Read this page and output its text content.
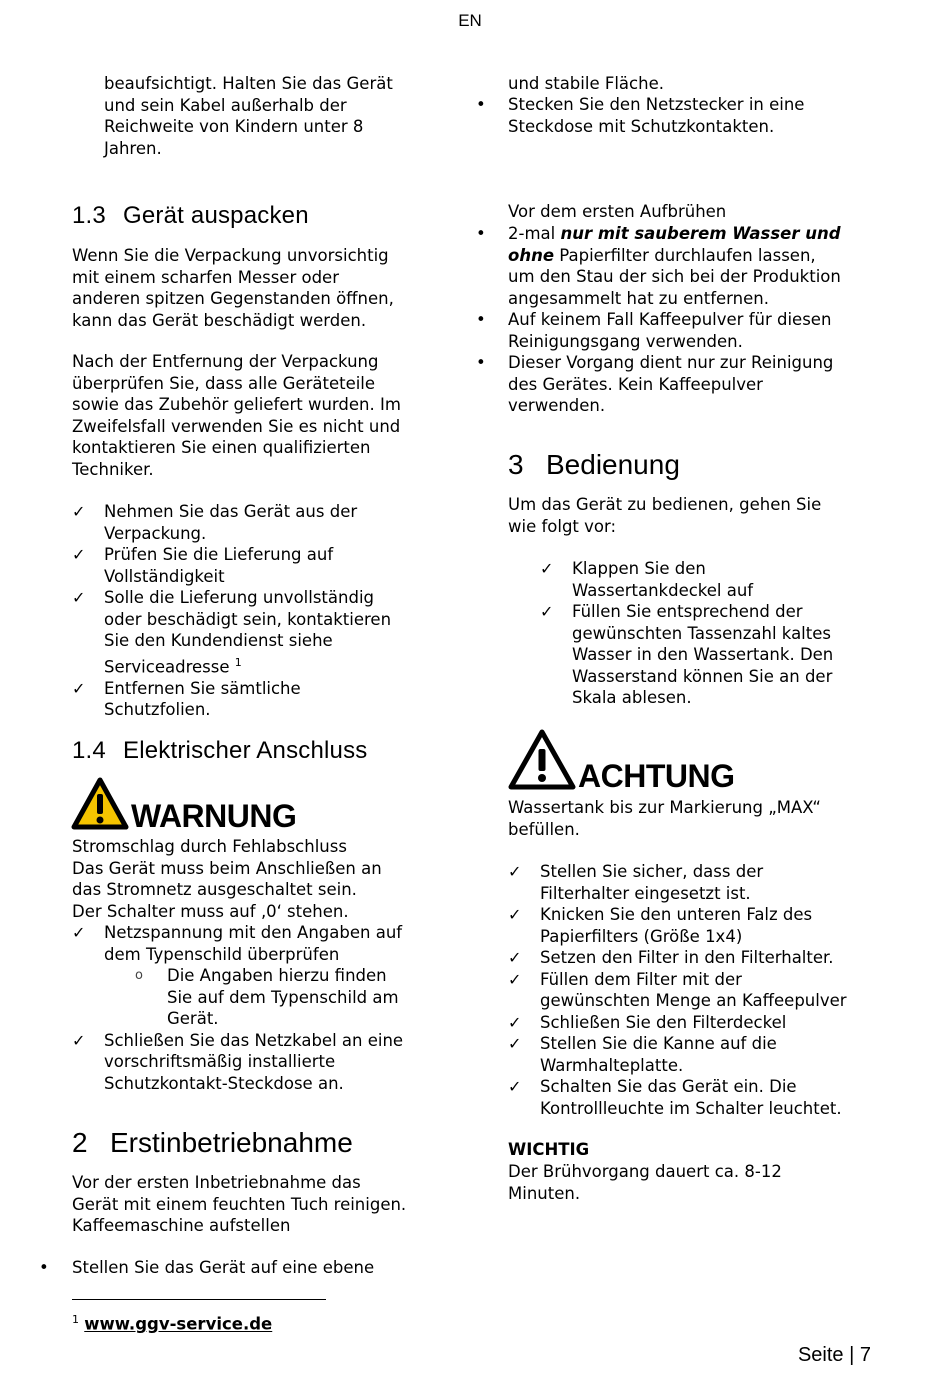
EN
beaufsichtigt. Halten Sie das Gerät
und sein Kabel außerhalb der
Reichweite von Kindern unter 8
Jahren.
1.3 Gerät auspacken
Wenn Sie die Verpackung unvorsichtig
mit einem scharfen Messer oder
anderen spitzen Gegenstanden öffnen,
kann das Gerät beschädigt werden.
Nach der Entfernung der Verpackung
überprüfen Sie, dass alle Geräteteile
sowie das Zubehör geliefert wurden. Im
Zweifelsfall verwenden Sie es nicht und
kontaktieren Sie einen qualifizierten
Techniker.
✓ Nehmen Sie das Gerät aus der
Verpackung.
✓ Prüfen Sie die Lieferung auf
Vollständigkeit
✓ Solle die Lieferung unvollständig
oder beschädigt sein, kontaktieren
Sie den Kundendienst siehe
Serviceadresse $^1$
✓ Entfernen Sie sämtliche
Schutzfolien.
1.4 Elektrischer Anschluss
WARNUNG
Stromschlag durch Fehlabschluss
Das Gerät muss beim Anschließen an
das Stromnetz ausgeschaltet sein.
Der Schalter muss auf ‚0‘ stehen.
✓ Netzspannung mit den Angaben auf
dem Typenschild überprüfen
o Die Angaben hierzu finden
Sie auf dem Typenschild am
Gerät.
✓ Schließen Sie das Netzkabel an eine
vorschriftsmäßig installierte
Schutzkontakt-Steckdose an.
2 Erstinbetriebnahme
Vor der ersten Inbetriebnahme das
Gerät mit einem feuchten Tuch reinigen.
Kaffeemaschine aufstellen
• Stellen Sie das Gerät auf eine ebene
$^1$ www.ggv-service.de
und stabile Fläche.
• Stecken Sie den Netzstecker in eine
Steckdose mit Schutzkontakten.
Vor dem ersten Aufbrühen
• 2-mal nur mit sauberem Wasser und
ohne Papierfilter durchlaufen lassen,
um den Stau der sich bei der Produktion
angesammelt hat zu entfernen.
• Auf keinem Fall Kaffeepulver für diesen
Reinigungsgang verwenden.
• Dieser Vorgang dient nur zur Reinigung
des Gerätes. Kein Kaffeepulver
verwenden.
3 Bedienung
Um das Gerät zu bedienen, gehen Sie
wie folgt vor:
✓ Klappen Sie den
Wassertankdeckel auf
✓ Füllen Sie entsprechend der
gewünschten Tassenzahl kaltes
Wasser in den Wassertank. Den
Wasserstand können Sie an der
Skala ablesen.
ACHTUNG
Wassertank bis zur Markierung „MAX“
befüllen.
✓ Stellen Sie sicher, dass der
Filterhalter eingesetzt ist.
✓ Knicken Sie den unteren Falz des
Papierfilters (Größe 1x4)
✓ Setzen den Filter in den Filterhalter.
✓ Füllen dem Filter mit der
gewünschten Menge an Kaffeepulver
✓ Schließen Sie den Filterdeckel
✓ Stellen Sie die Kanne auf die
Warmhalteplatte.
✓ Schalten Sie das Gerät ein. Die
Kontrollleuchte im Schalter leuchtet.
WICHTIG
Der Brühvorgang dauert ca. 8-12
Minuten.
Seite | 7
